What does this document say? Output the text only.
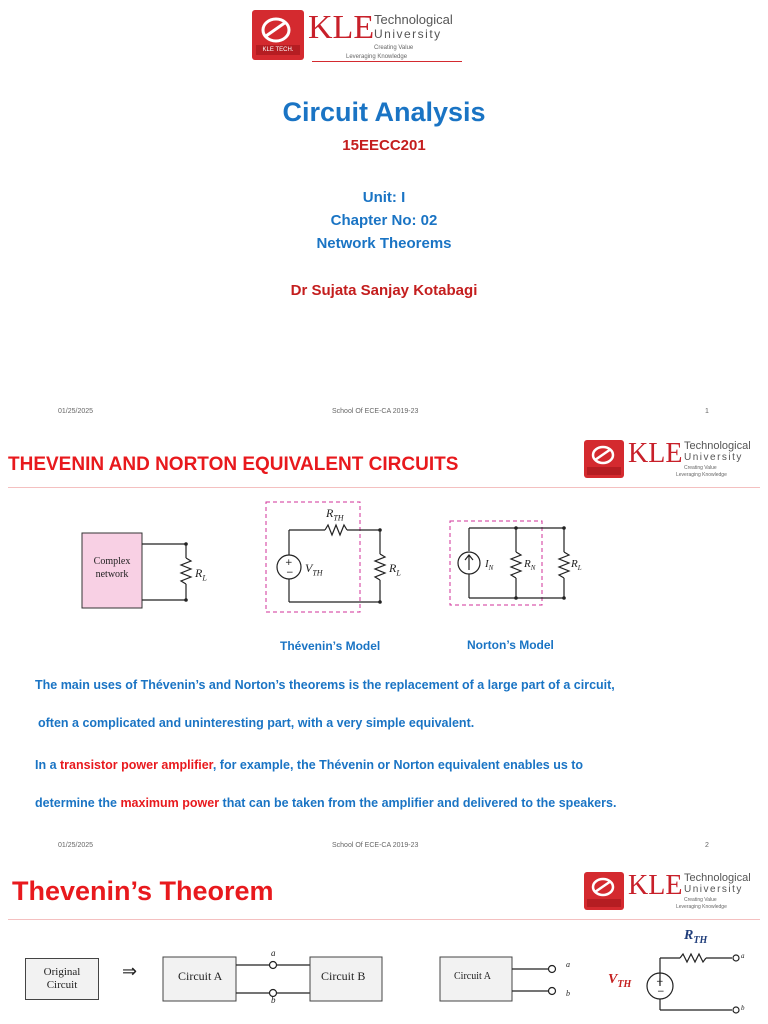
KLE TECH.
KLE Technological
University
Creating Value
Leveraging Knowledge
Circuit Analysis
15EECC201
Unit: I
Chapter No: 02
Network Theorems
Dr Sujata Sanjay Kotabagi
01/25/2025	School Of ECE-CA 2019-23	1
THEVENIN AND NORTON EQUIVALENT CIRCUITS	KLE Technological
University
Creating Value
Leveraging Knowledge
+
−
Complex
network	$R_L$
$R_{TH}$
$V_{TH}$	$R_L$
$I_N$	$R_N$	$R_L$
Thévenin’s Model	Norton’s Model
The main uses of Thévenin’s and Norton’s theorems is the replacement of a large part of a circuit,
often a complicated and uninteresting part, with a very simple equivalent.
In a transistor power amplifier, for example, the Thévenin or Norton equivalent enables us to
determine the maximum power that can be taken from the amplifier and delivered to the speakers.
01/25/2025	School Of ECE-CA 2019-23	2
Thevenin’s Theorem	KLE Technological
University
Creating Value
Leveraging Knowledge
Original
Circuit
⇒
+
−
Circuit A
a
b
Circuit B	Circuit A
a
b
$R_{TH}$
$V_{TH}$
a
b
